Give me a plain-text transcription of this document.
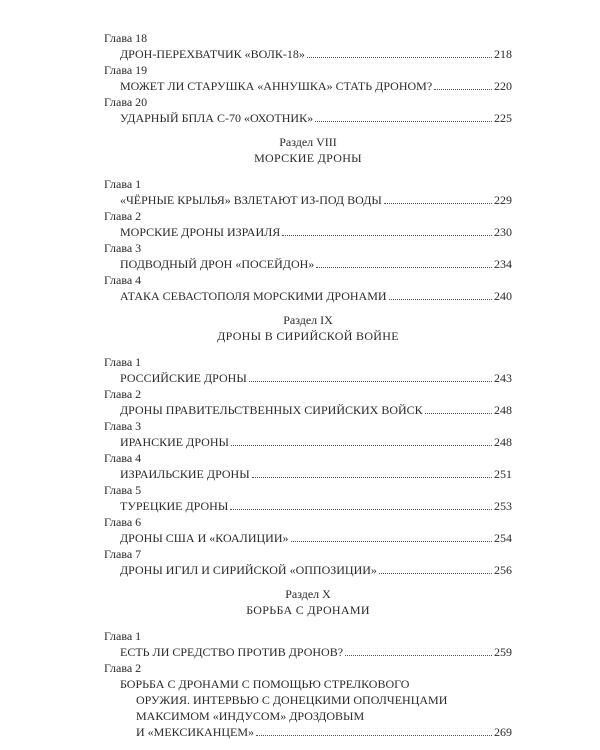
Глава 18
ДРОН-ПЕРЕХВАТЧИК «ВОЛК-18»	218
Глава 19
МОЖЕТ ЛИ СТАРУШКА «АННУШКА» СТАТЬ ДРОНОМ?	220
Глава 20
УДАРНЫЙ БПЛА С-70 «ОХОТНИК»	225
Раздел VIII
МОРСКИЕ ДРОНЫ
Глава 1
«ЧЁРНЫЕ КРЫЛЬЯ» ВЗЛЕТАЮТ ИЗ-ПОД ВОДЫ	229
Глава 2
МОРСКИЕ ДРОНЫ ИЗРАИЛЯ	230
Глава 3
ПОДВОДНЫЙ ДРОН «ПОСЕЙДОН»	234
Глава 4
АТАКА СЕВАСТОПОЛЯ МОРСКИМИ ДРОНАМИ	240
Раздел IX
ДРОНЫ В СИРИЙСКОЙ ВОЙНЕ
Глава 1
РОССИЙСКИЕ ДРОНЫ	243
Глава 2
ДРОНЫ ПРАВИТЕЛЬСТВЕННЫХ СИРИЙСКИХ ВОЙСК	248
Глава 3
ИРАНСКИЕ ДРОНЫ	248
Глава 4
ИЗРАИЛЬСКИЕ ДРОНЫ	251
Глава 5
ТУРЕЦКИЕ ДРОНЫ	253
Глава 6
ДРОНЫ США И «КОАЛИЦИИ»	254
Глава 7
ДРОНЫ ИГИЛ И СИРИЙСКОЙ «ОППОЗИЦИИ»	256
Раздел X
БОРЬБА С ДРОНАМИ
Глава 1
ЕСТЬ ЛИ СРЕДСТВО ПРОТИВ ДРОНОВ?	259
Глава 2
БОРЬБА С ДРОНАМИ С ПОМОЩЬЮ СТРЕЛКОВОГО
ОРУЖИЯ. ИНТЕРВЬЮ С ДОНЕЦКИМИ ОПОЛЧЕНЦАМИ
МАКСИМОМ «ИНДУСОМ» ДРОЗДОВЫМ
И «МЕКСИКАНЦЕМ»	269
